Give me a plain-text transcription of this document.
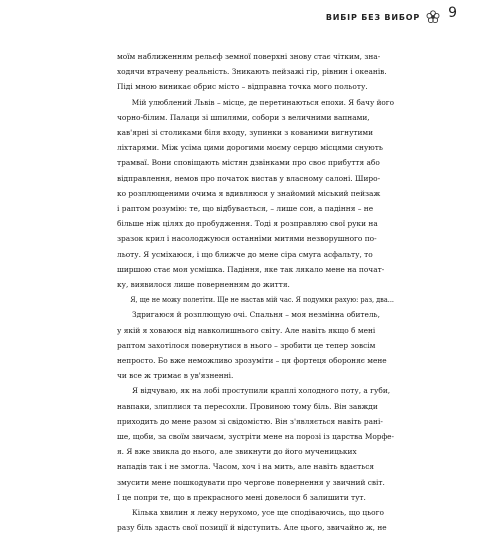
ВИБІР БЕЗ ВИБОР 9

моїм наближенням рельєф земної поверхні знову стає чітким, зна-
ходячи втрачену реальність. Зникають пейзажі гір, рівнин і океанів.
Піді мною виникає обрис місто – відправна точка мого польоту.

Мій улюблений Львів – місце, де перетинаються епохи. Я бачу його
чорно-білим. Палаци зі шпилями, собори з величними вапнами,
кав'ярні зі столиками біля входу, зупинки з кованими вигнутими
ліхтарями. Між усіма цими дорогими моєму серцю місцями снують
трамваї. Вони сповіщають містян дзвінками про своє прибуття або
відправлення, немов про початок вистав у власному салоні. Широ-
ко розплющеними очима я вдивляюся у знайомий міський пейзаж
і раптом розумію: те, що відбувається, – лише сон, а падіння – не
більше ніж цілях до пробудження. Тоді я розправляю свої руки на
зразок крил і насолоджуюся останніми митями незворушного по-
льоту. Я усміхаюся, і що ближче до мене сіра смуга асфальту, то
ширшою стає моя усмішка. Падіння, яке так лякало мене на почат-
ку, виявилося лише поверненням до життя.

Я, ще не можу полетіти. Ще не настав мій час. Я подумки рахую: раз, два...
Здригаюся й розплющую очі. Спальня – моя незмінна обитель,
у якій я ховаюся від навколишнього світу. Але навіть якщо б мені
раптом захотілося повернутися в нього – зробити це тепер зовсім
непросто. Бо вже неможливо зрозуміти – ця фортеця обороняє мене
чи все ж тримає в ув'язненні.

Я відчуваю, як на лобі проступили краплі холодного поту, а губи,
навпаки, злиплися та пересохли. Провиною тому біль. Він завжди
приходить до мене разом зі свідомістю. Він з'являється навіть рані-
ше, щоби, за своїм звичаєм, зустріти мене на порозі із царства Морфе-
я. Я вже звикла до нього, але звикнути до його мученицьких
нападів так і не змогла. Часом, хоч і на мить, але навіть вдається
змусити мене пошкодувати про чергове повернення у звичний світ.
І це попри те, що в прекрасного мені довелося б залишити тут.

Кілька хвилин я лежу нерухомо, усе ще сподіваючись, що цього
разу біль здасть свої позиції й відступить. Але цього, звичайно ж, не
